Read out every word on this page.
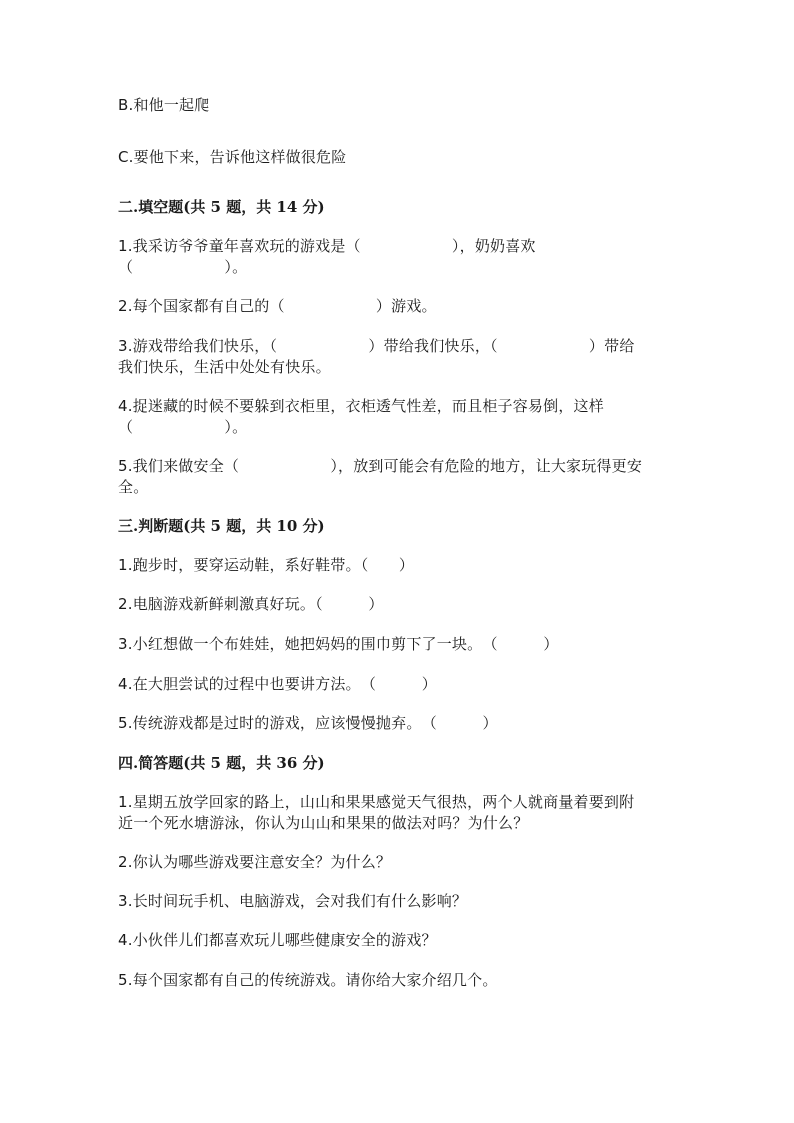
B.和他一起爬
C.要他下来，告诉他这样做很危险
二.填空题(共 5 题，共 14 分)
1.我采访爷爷童年喜欢玩的游戏是（　　　　　　），奶奶喜欢
（　　　　　　）。
2.每个国家都有自己的（　　　　　　）游戏。
3.游戏带给我们快乐，（　　　　　　）带给我们快乐，（　　　　　　）带给
我们快乐，生活中处处有快乐。
4.捉迷藏的时候不要躲到衣柜里，衣柜透气性差，而且柜子容易倒，这样
（　　　　　　）。
5.我们来做安全（　　　　　　），放到可能会有危险的地方，让大家玩得更安
全。
三.判断题(共 5 题，共 10 分)
1.跑步时，要穿运动鞋，系好鞋带。（　　）
2.电脑游戏新鲜刺激真好玩。（　　　）
3.小红想做一个布娃娃，她把妈妈的围巾剪下了一块。　（　　　）
4.在大胆尝试的过程中也要讲方法。　（　　　）
5.传统游戏都是过时的游戏，应该慢慢抛弃。　（　　　）
四.简答题(共 5 题，共 36 分)
1.星期五放学回家的路上，山山和果果感觉天气很热，两个人就商量着要到附
近一个死水塘游泳，你认为山山和果果的做法对吗？为什么？
2.你认为哪些游戏要注意安全？为什么？
3.长时间玩手机、电脑游戏，会对我们有什么影响？
4.小伙伴儿们都喜欢玩儿哪些健康安全的游戏？
5.每个国家都有自己的传统游戏。请你给大家介绍几个。
